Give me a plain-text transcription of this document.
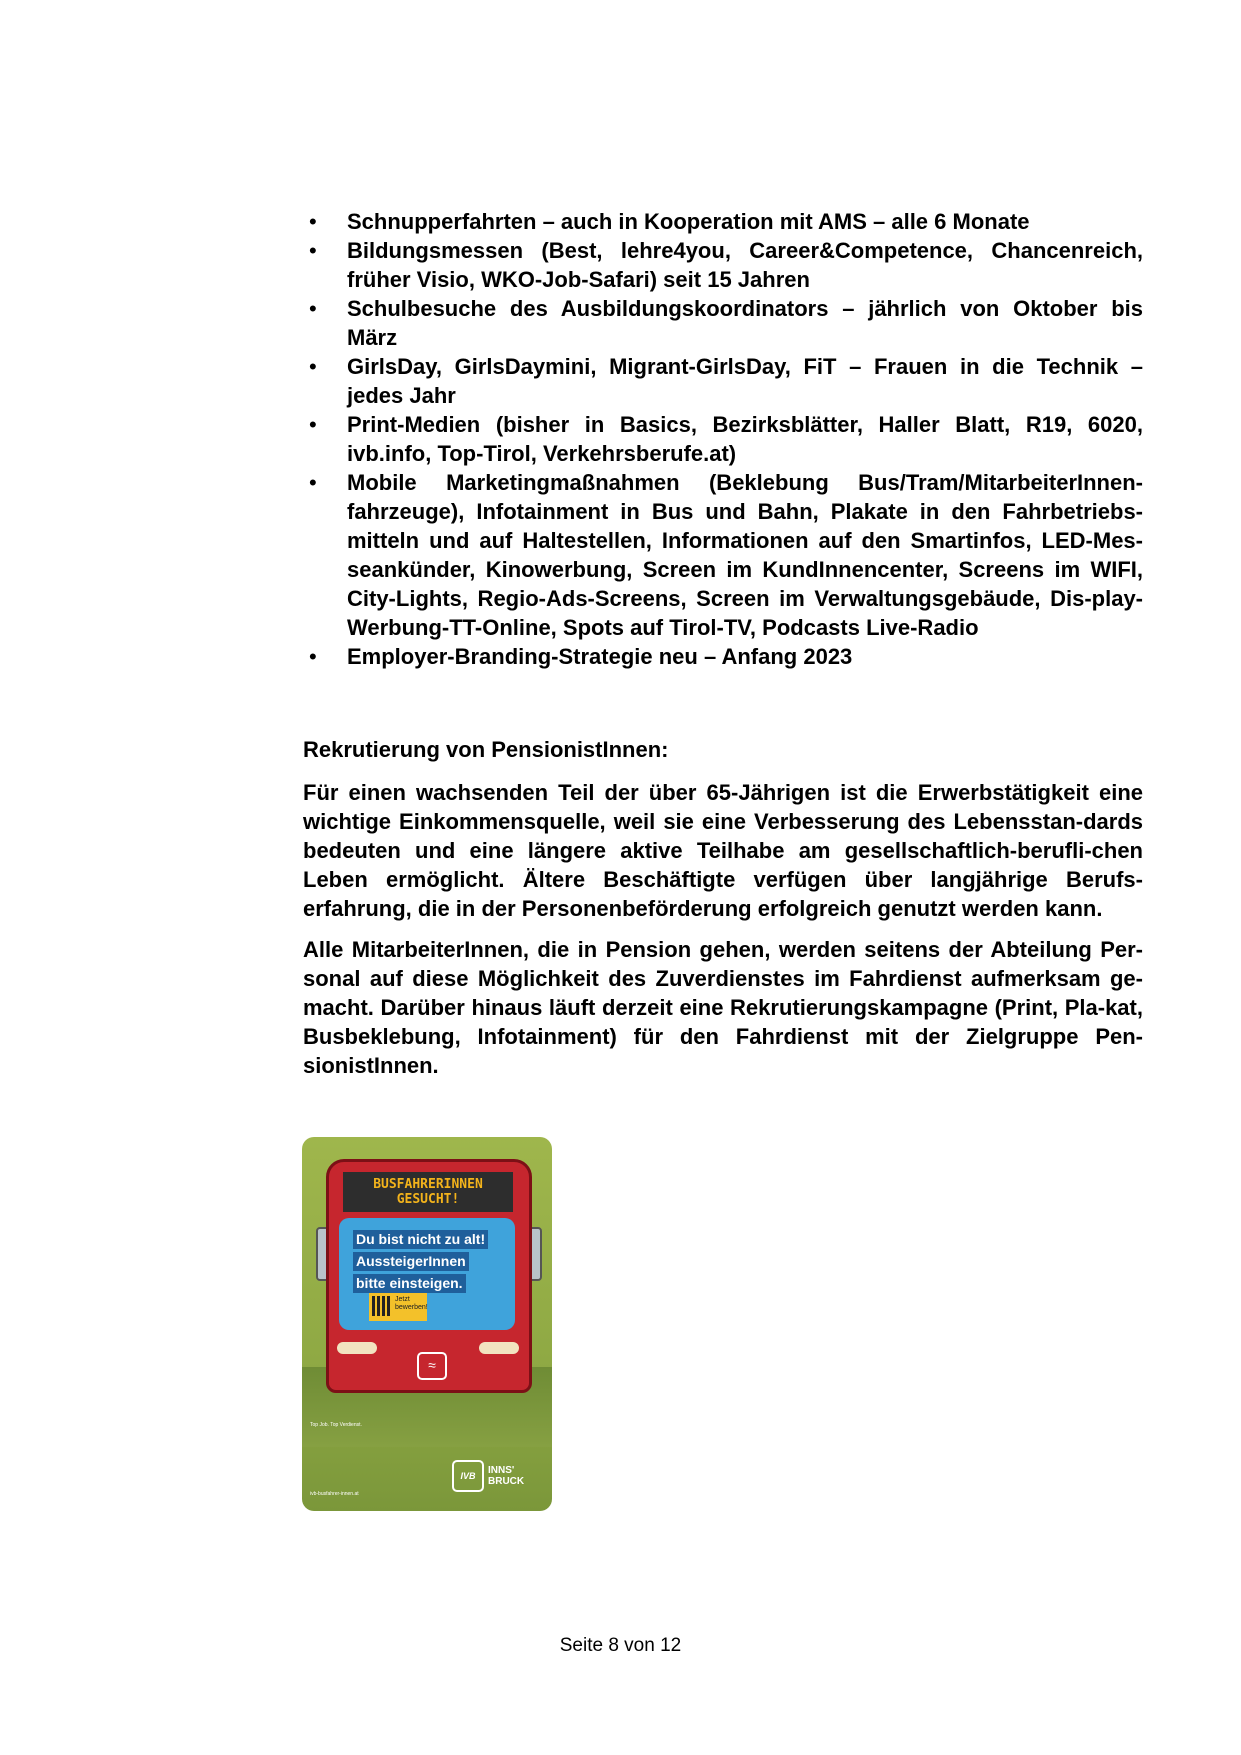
• Schnupperfahrten – auch in Kooperation mit AMS – alle 6 Monate
• Bildungsmessen (Best, lehre4you, Career&Competence, Chancenreich, früher Visio, WKO-Job-Safari) seit 15 Jahren
• Schulbesuche des Ausbildungskoordinators – jährlich von Oktober bis März
• GirlsDay, GirlsDaymini, Migrant-GirlsDay, FiT – Frauen in die Technik – jedes Jahr
• Print-Medien (bisher in Basics, Bezirksblätter, Haller Blatt, R19, 6020, ivb.info, Top-Tirol, Verkehrsberufe.at)
• Mobile Marketingmaßnahmen (Beklebung Bus/Tram/MitarbeiterInnen-fahrzeuge), Infotainment in Bus und Bahn, Plakate in den Fahrbetriebs-mitteln und auf Haltestellen, Informationen auf den Smartinfos, LED-Mes-seankünder, Kinowerbung, Screen im KundInnencenter, Screens im WIFI, City-Lights, Regio-Ads-Screens, Screen im Verwaltungsgebäude, Dis-play-Werbung-TT-Online, Spots auf Tirol-TV, Podcasts Live-Radio
• Employer-Branding-Strategie neu – Anfang 2023
Rekrutierung von PensionistInnen:

Für einen wachsenden Teil der über 65-Jährigen ist die Erwerbstätigkeit eine wichtige Einkommensquelle, weil sie eine Verbesserung des Lebensstan-dards bedeuten und eine längere aktive Teilhabe am gesellschaftlich-berufli-chen Leben ermöglicht. Ältere Beschäftigte verfügen über langjährige Berufs-erfahrung, die in der Personenbeförderung erfolgreich genutzt werden kann.

Alle MitarbeiterInnen, die in Pension gehen, werden seitens der Abteilung Per-sonal auf diese Möglichkeit des Zuverdienstes im Fahrdienst aufmerksam ge-macht. Darüber hinaus läuft derzeit eine Rekrutierungskampagne (Print, Pla-kat, Busbeklebung, Infotainment) für den Fahrdienst mit der Zielgruppe Pen-sionistInnen.

BUSFAHRERINNEN
GESUCHT!
Du bist nicht zu alt! AussteigerInnen bitte einsteigen.
Jetzt bewerben!
≈
Top Job. Top Verdienst.
ivb-busfahrer-innen.at
IVB	INNS'
BRUCK
Seite 8 von 12
